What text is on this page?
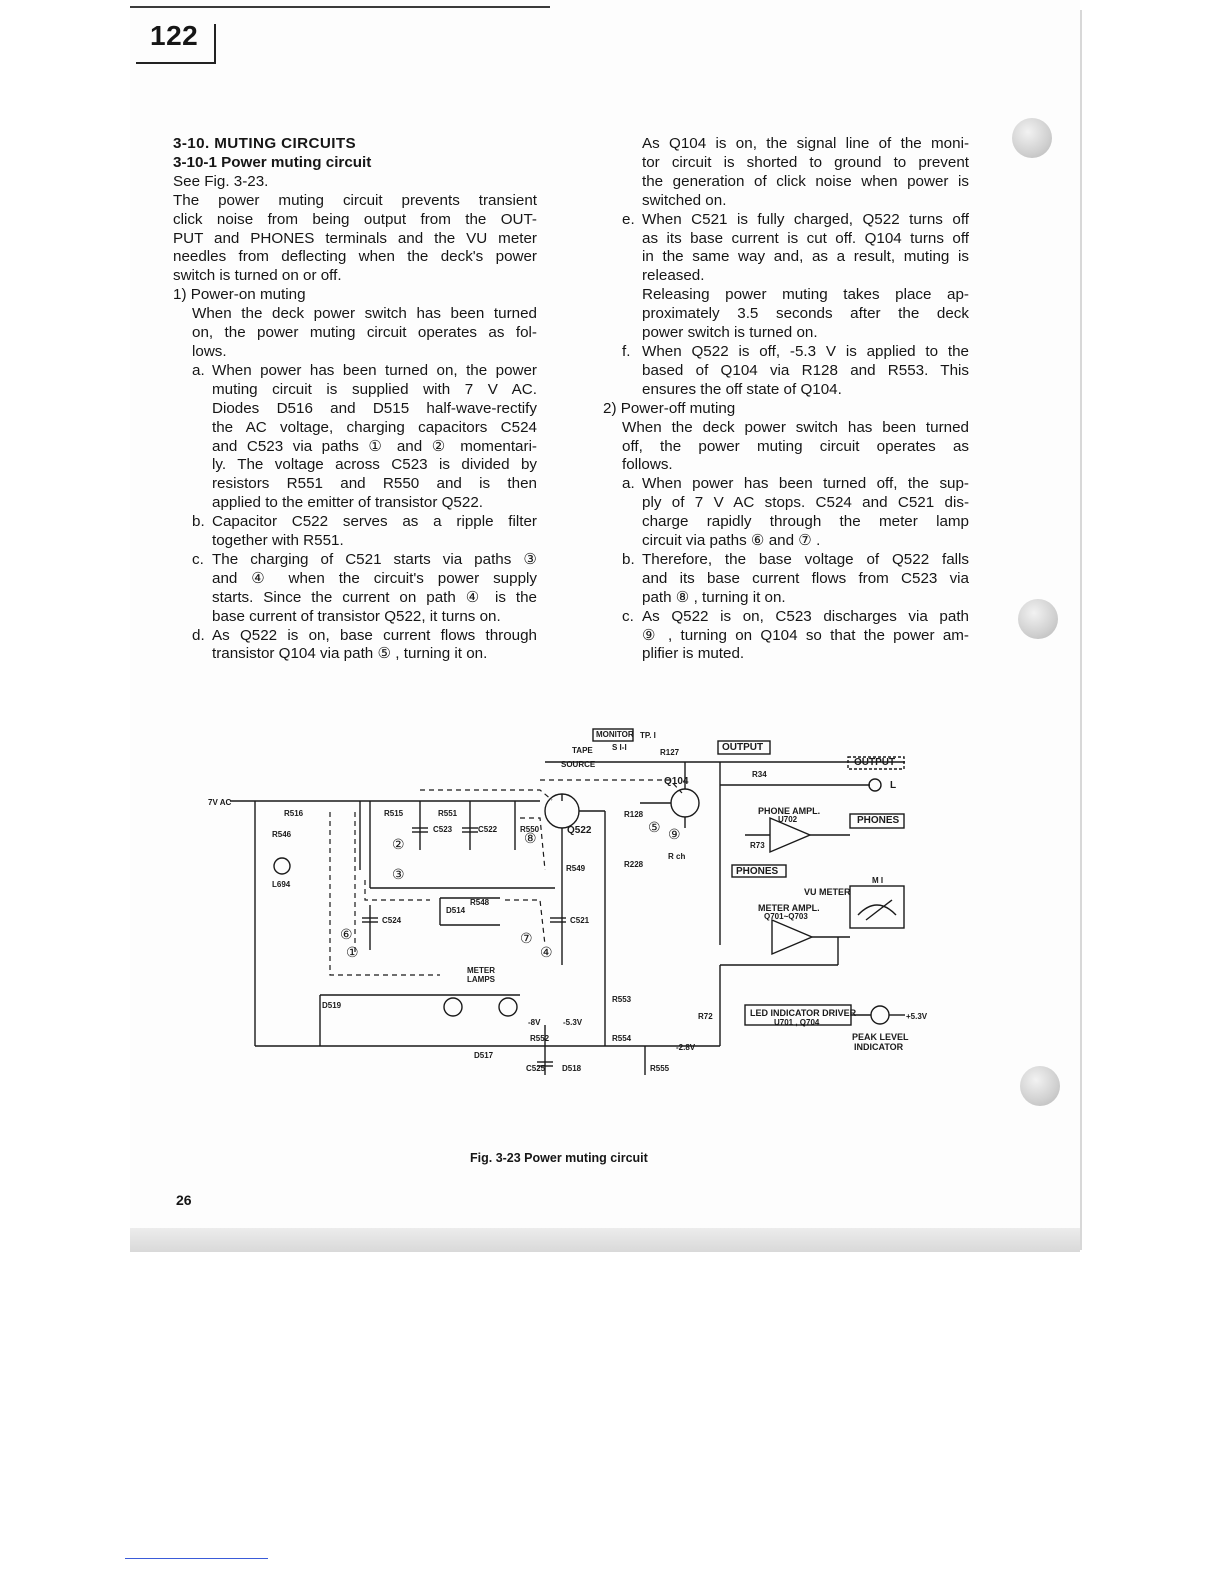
122

3-10. MUTING CIRCUITS

3-10-1 Power muting circuit

See Fig. 3-23.

The power muting circuit prevents transient

click noise from being output from the OUT-

PUT and PHONES terminals and the VU meter

needles from deflecting when the deck's power

switch is turned on or off.

1) Power-on muting

When the deck power switch has been turned

on, the power muting circuit operates as fol-

lows.

a. When power has been turned on, the power

muting circuit is supplied with 7 V AC.

Diodes D516 and D515 half-wave-rectify

the AC voltage, charging capacitors C524

and C523 via paths ① and ② momentari-

ly. The voltage across C523 is divided by

resistors R551 and R550 and is then

applied to the emitter of transistor Q522.

b. Capacitor C522 serves as a ripple filter

together with R551.

c. The charging of C521 starts via paths ③

and ④ when the circuit's power supply

starts. Since the current on path ④ is the

base current of transistor Q522, it turns on.

d. As Q522 is on, base current flows through

transistor Q104 via path ⑤ , turning it on.

As Q104 is on, the signal line of the moni-

tor circuit is shorted to ground to prevent

the generation of click noise when power is

switched on.

e. When C521 is fully charged, Q522 turns off

as its base current is cut off. Q104 turns off

in the same way and, as a result, muting is

released.

Releasing power muting takes place ap-

proximately 3.5 seconds after the deck

power switch is turned on.

f. When Q522 is off, -5.3 V is applied to the

based of Q104 via R128 and R553. This

ensures the off state of Q104.

2) Power-off muting

When the deck power switch has been turned

off, the power muting circuit operates as

follows.

a. When power has been turned off, the sup-

ply of 7 V AC stops. C524 and C521 dis-

charge rapidly through the meter lamp

circuit via paths ⑥ and ⑦ .

b. Therefore, the base voltage of Q522 falls

and its base current flows from C523 via

path ⑧ , turning it on.

c. As Q522 is on, C523 discharges via path

⑨ , turning on Q104 so that the power am-

plifier is muted.

MONITOR TP. I
S I-I
TAPE
SOURCE
R127	OUTPUT
OUTPUT
L
Q104
R34
PHONE AMPL.
U702	PHONES
PHONES
R73
VU METER
M I
METER AMPL.
Q701~Q703
R128
R ch
R228
Q522
R549
7V AC
R516
R546
L694
R515	R551
C523	C522	R550
R548
D514
C524	C521
METER
LAMPS
D519
R553
-8V	-5.3V
R552	R554
-2.8V
D517
C525 D518	R555
R72	LED INDICATOR DRIVER
U701 , Q704
+5.3V
PEAK LEVEL
INDICATOR
①
②
③
④
⑤
⑥	⑦
⑧	⑨
Fig. 3-23 Power muting circuit
26
